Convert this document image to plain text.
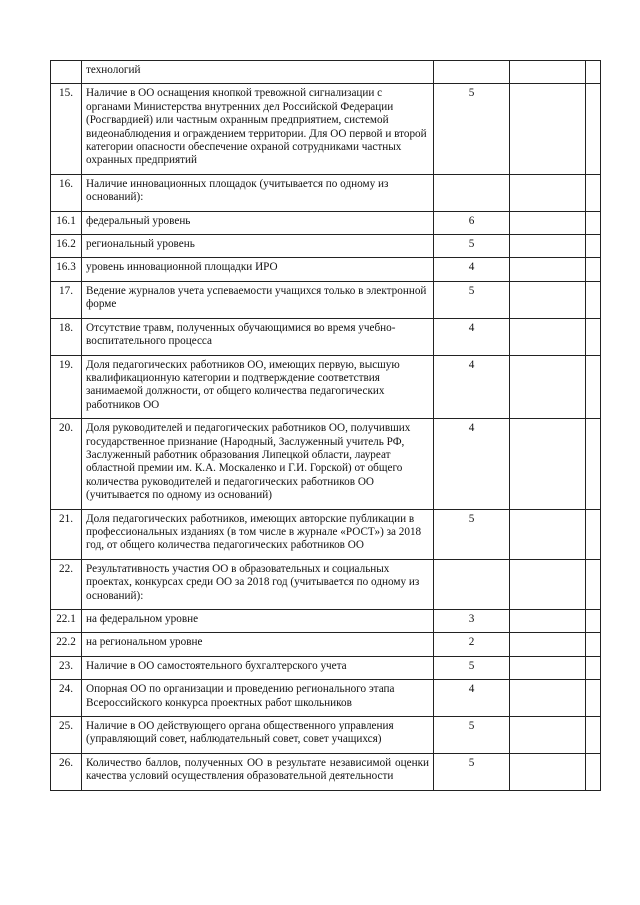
	технологий			
15.	Наличие в ОО оснащения кнопкой тревожной сигнализации с органами Министерства внутренних дел Российской Федерации (Росгвардией) или частным охранным предприятием, системой видеонаблюдения и ограждением территории. Для ОО первой и второй категории опасности обеспечение охраной сотрудниками частных охранных предприятий	5		
16.	Наличие инновационных площадок (учитывается по одному из оснований):			
16.1	федеральный уровень	6		
16.2	региональный уровень	5		
16.3	уровень инновационной площадки ИРО	4		
17.	Ведение журналов учета успеваемости учащихся только в электронной форме	5		
18.	Отсутствие травм, полученных обучающимися во время учебно-воспитательного процесса	4		
19.	Доля педагогических работников ОО, имеющих первую, высшую квалификационную категории и подтверждение соответствия занимаемой должности, от общего количества педагогических работников ОО	4		
20.	Доля руководителей и педагогических работников ОО, получивших государственное признание (Народный, Заслуженный учитель РФ, Заслуженный работник образования Липецкой области, лауреат областной премии им. К.А. Москаленко и Г.И. Горской) от общего количества руководителей и педагогических работников ОО (учитывается по одному из оснований)	4		
21.	Доля педагогических работников, имеющих авторские публикации в профессиональных изданиях (в том числе в журнале «РОСТ») за 2018 год, от общего количества педагогических работников ОО	5		
22.	Результативность участия ОО в образовательных и социальных проектах, конкурсах среди ОО за 2018 год (учитывается по одному из оснований):			
22.1	на федеральном уровне	3		
22.2	на региональном уровне	2		
23.	Наличие в ОО самостоятельного бухгалтерского учета	5		
24.	Опорная ОО по организации и проведению регионального этапа Всероссийского конкурса проектных работ школьников	4		
25.	Наличие в ОО действующего органа общественного управления (управляющий совет, наблюдательный совет, совет учащихся)	5		
26.	Количество баллов, полученных ОО в результате независимой оценки качества условий осуществления образовательной деятельности	5		
